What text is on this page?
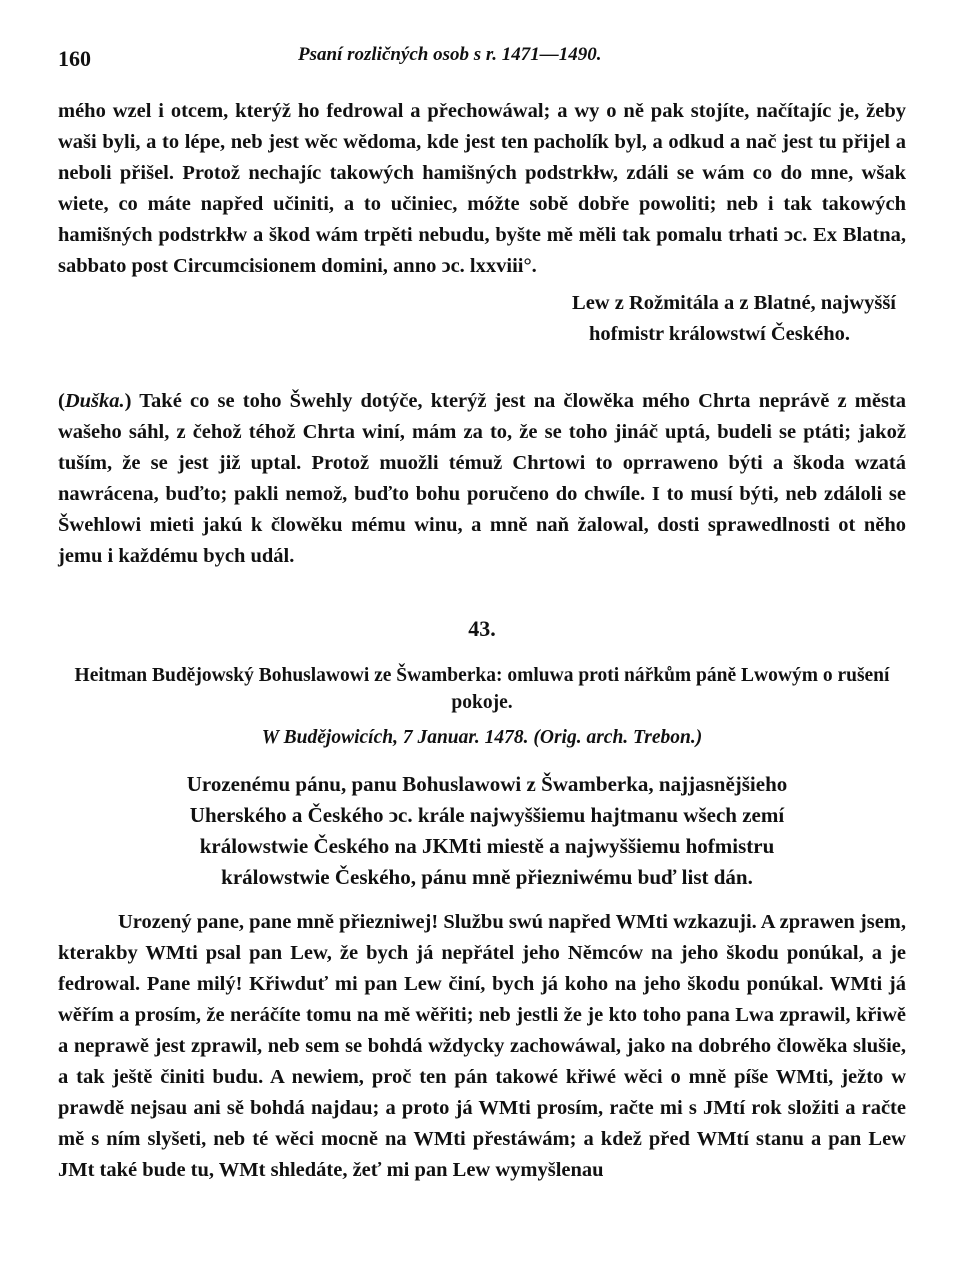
160	Psaní rozličných osob s r. 1471—1490.

mého wzel i otcem, kterýž ho fedrowal a přechowáwal; a wy o ně pak stojíte, načítajíc je, žeby waši byli, a to lépe, neb jest wěc wědoma, kde jest ten pacholík byl, a odkud a nač jest tu přijel a neboli přišel. Protož nechajíc takowých hamišných podstrkłw, zdáli se wám co do mne, wšak wiete, co máte napřed učiniti, a to učiniec, móžte sobě dobře powoliti; neb i tak takowých hamišných podstrkłw a škod wám trpěti nebudu, byšte mě měli tak pomalu trhati ↄc. Ex Blatna, sabbato post Circumcisionem domini, anno ↄc. lxxviii°.

Lew z Rožmitála a z Blatné, najwyšší
hofmistr králowstwí Českého.

(Duška.) Také co se toho Šwehly dotýče, kterýž jest na člowěka mého Chrta neprávě z města wašeho sáhl, z čehož téhož Chrta winí, mám za to, že se toho jináč uptá, budeli se ptáti; jakož tuším, že se jest již uptal. Protož muožli témuž Chrtowi to oprraweno býti a škoda wzatá nawrácena, buďto; pakli nemož, buďto bohu poručeno do chwíle. I to musí býti, neb zdáloli se Šwehlowi mieti jakú k člowěku mému winu, a mně naň žalowal, dosti sprawedlnosti ot něho jemu i každému bych udál.

43.
Heitman Budějowský Bohuslawowi ze Šwamberka: omluwa proti nářkům páně Lwowým o rušení pokoje.
W Budějowicích, 7 Januar. 1478. (Orig. arch. Trebon.)
Urozenému pánu, panu Bohuslawowi z Šwamberka, najjasnějšieho Uherského a Českého ↄc. krále najwyššiemu hajtmanu wšech zemí králowstwie Českého na JKMti miestě a najwyššiemu hofmistru králowstwie Českého, pánu mně přiezniwému buď list dán.

Urozený pane, pane mně přiezniwej! Službu swú napřed WMti wzkazuji. A zprawen jsem, kterakby WMti psal pan Lew, že bych já nepřátel jeho Němców na jeho škodu ponúkal, a je fedrowal. Pane milý! Křiwduť mi pan Lew činí, bych já koho na jeho škodu ponúkal. WMti já wěřím a prosím, že neráčíte tomu na mě wěřiti; neb jestli že je kto toho pana Lwa zprawil, křiwě a neprawě jest zprawil, neb sem se bohdá wždycky zachowáwal, jako na dobrého člowěka slušie, a tak ještě činiti budu. A newiem, proč ten pán takowé křiwé wěci o mně píše WMti, ježto w prawdě nejsau ani sě bohdá najdau; a proto já WMti prosím, račte mi s JMtí rok složiti a račte mě s ním slyšeti, neb té wěci mocně na WMti přestáwám; a kdež před WMtí stanu a pan Lew JMt také bude tu, WMt shledáte, žeť mi pan Lew wymyšlenau
